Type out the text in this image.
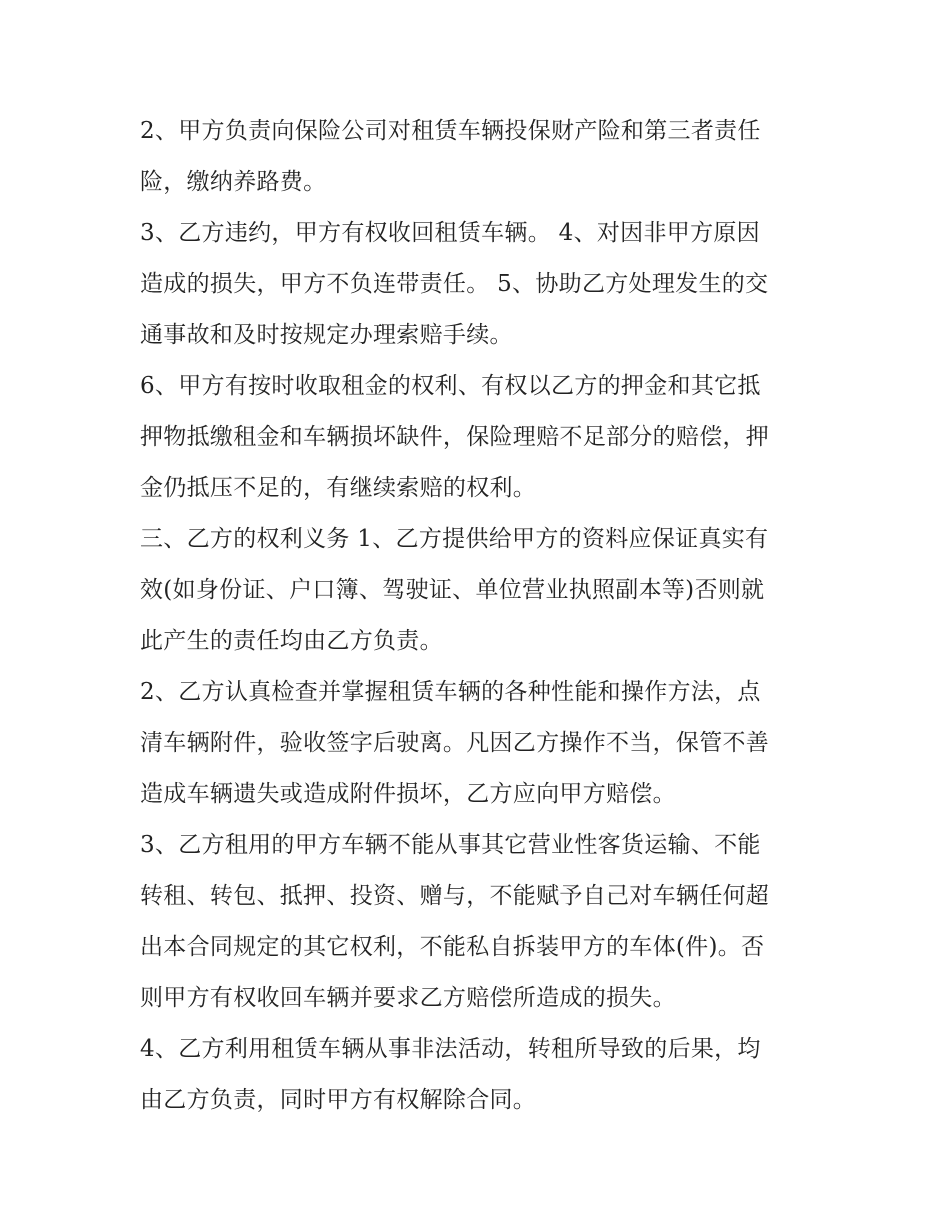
2、甲方负责向保险公司对租赁车辆投保财产险和第三者责任
险，缴纳养路费。

3、乙方违约，甲方有权收回租赁车辆。 4、对因非甲方原因
造成的损失，甲方不负连带责任。 5、协助乙方处理发生的交
通事故和及时按规定办理索赔手续。

6、甲方有按时收取租金的权利、有权以乙方的押金和其它抵
押物抵缴租金和车辆损坏缺件，保险理赔不足部分的赔偿，押
金仍抵压不足的，有继续索赔的权利。

三、乙方的权利义务 1、乙方提供给甲方的资料应保证真实有
效(如身份证、户口簿、驾驶证、单位营业执照副本等)否则就
此产生的责任均由乙方负责。

2、乙方认真检查并掌握租赁车辆的各种性能和操作方法，点
清车辆附件，验收签字后驶离。凡因乙方操作不当，保管不善
造成车辆遗失或造成附件损坏，乙方应向甲方赔偿。

3、乙方租用的甲方车辆不能从事其它营业性客货运输、不能
转租、转包、抵押、投资、赠与，不能赋予自己对车辆任何超
出本合同规定的其它权利，不能私自拆装甲方的车体(件)。否
则甲方有权收回车辆并要求乙方赔偿所造成的损失。

4、乙方利用租赁车辆从事非法活动，转租所导致的后果，均
由乙方负责，同时甲方有权解除合同。
